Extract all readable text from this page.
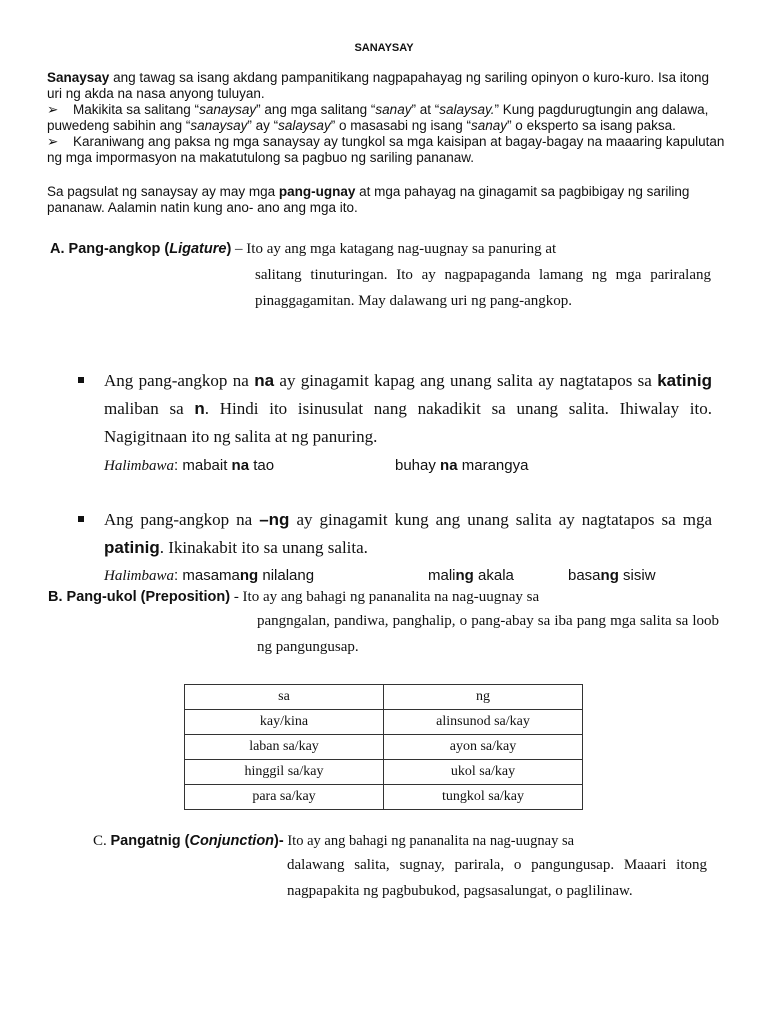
SANAYSAY

Sanaysay ang tawag sa isang akdang pampanitikang nagpapahayag ng sariling opinyon o kuro-kuro. Isa itong uri ng akda na nasa anyong tuluyan.

➢ Makikita sa salitang “sanaysay” ang mga salitang “sanay” at “salaysay.” Kung pagdurugtungin ang dalawa, puwedeng sabihin ang “sanaysay” ay “salaysay” o masasabi ng isang “sanay” o eksperto sa isang paksa.

➢ Karaniwang ang paksa ng mga sanaysay ay tungkol sa mga kaisipan at bagay-bagay na maaaring kapulutan ng mga impormasyon na makatutulong sa pagbuo ng sariling pananaw.

Sa pagsulat ng sanaysay ay may mga pang-ugnay at mga pahayag na ginagamit sa pagbibigay ng sariling pananaw. Aalamin natin kung ano- ano ang mga ito.

A. Pang-angkop (Ligature) – Ito ay ang mga katagang nag-uugnay sa panuring at
salitang tinuturingan. Ito ay nagpapaganda lamang ng mga pariralang pinaggagamitan. May dalawang uri ng pang-angkop.
Ang pang-angkop na na ay ginagamit kapag ang unang salita ay nagtatapos sa katinig maliban sa n. Hindi ito isinusulat nang nakadikit sa unang salita. Ihiwalay ito. Nagigitnaan ito ng salita at ng panuring.
Halimbawa: mabait na tao	buhay na marangya
Ang pang-angkop na –ng ay ginagamit kung ang unang salita ay nagtatapos sa mga patinig. Ikinakabit ito sa unang salita.
Halimbawa: masamang nilalang	maling akala	basang sisiw
B. Pang-ukol (Preposition) - Ito ay ang bahagi ng pananalita na nag-uugnay sa
pangngalan, pandiwa, panghalip, o pang-abay sa iba pang mga salita sa loob ng pangungusap.
sa	ng
kay/kina	alinsunod sa/kay
laban sa/kay	ayon sa/kay
hinggil sa/kay	ukol sa/kay
para sa/kay	tungkol sa/kay
C. Pangatnig (Conjunction)- Ito ay ang bahagi ng pananalita na nag-uugnay sa
dalawang salita, sugnay, parirala, o pangungusap. Maaari itong nagpapakita ng pagbubukod, pagsasalungat, o paglilinaw.
